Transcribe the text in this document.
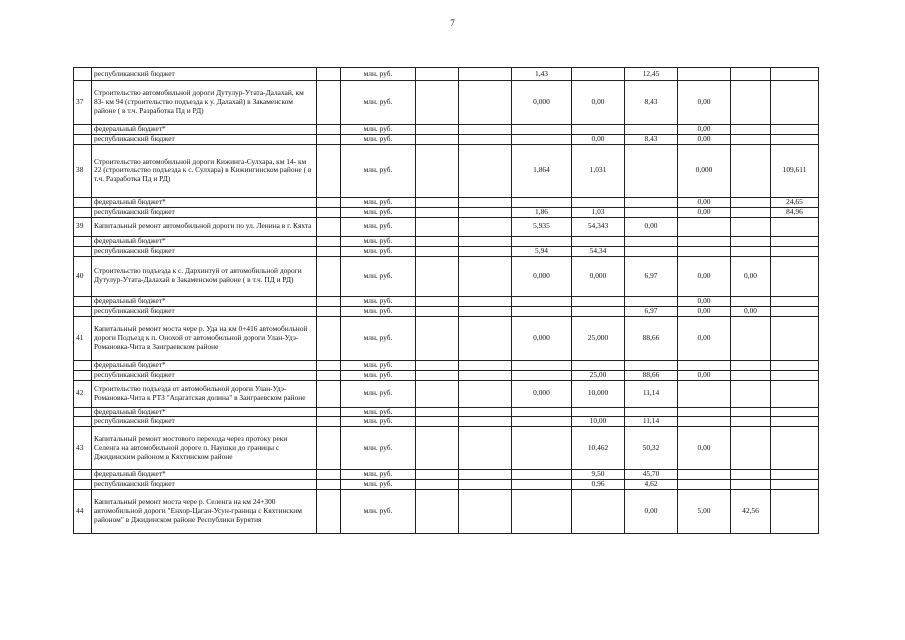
7
	республиканский бюджет		млн. руб.			1,43		12,45			
37	Строительство автомобильной дороги Дутулур-Утата-Далахай, км 83- км 94 (строительство подъезда к у. Далахай) в Закаменском районе ( в т.ч. Разработка Пд и РД)		млн. руб.			0,000	0,00	8,43	0,00		
	федеральный бюджет*		млн. руб.						0,00		
	республиканский бюджет		млн. руб.				0,00	8,43	0,00		
38	Строительство автомобильной дороги Кижинга-Сулхара, км 14- км 22 (строительство подъезда к с. Сулхара) в Кижингинском районе ( в т.ч. Разработка Пд и РД)		млн. руб.			1,864	1,031		0,000		109,611
	федеральный бюджет*		млн. руб.						0,00		24,65
	республиканский бюджет		млн. руб.			1,86	1,03		0,00		84,96
39	Капитальный ремонт автомобильной дороги по ул. Ленина в г. Кяхта		млн. руб.			5,935	54,343	0,00			
	федеральный бюджет*		млн. руб.								
	республиканский бюджет		млн. руб.			5,94	54,34				
40	Строительство подъезда к с. Дархинтуй от автомобильной дороги Дутулур-Утата-Далахай в Закаменском районе ( в т.ч. ПД и РД)		млн. руб.			0,000	0,000	6,97	0,00	0,00	
	федеральный бюджет*		млн. руб.						0,00		
	республиканский бюджет		млн. руб.					6,97	0,00	0,00	
41	Капитальный ремонт моста чере р. Уда на км 0+416 автомобильной дороги Подъезд к п. Онохой от автомобильной дороги Улан-Удэ-Романовка-Чита в Заиграевском районе		млн. руб.			0,000	25,000	88,66	0,00		
	федеральный бюджет*		млн. руб.								
	республиканский бюджет		млн. руб.				25,00	88,66	0,00		
42	Строительство подъезда от автомобильной дороги Улан-Удэ-Романовка-Чита к РТЗ "Ацагатская долина" в Заиграевском районе		млн. руб.			0,000	10,000	11,14			
	федеральный бюджет*		млн. руб.								
	республиканский бюджет		млн. руб.				10,00	11,14			
43	Капитальный ремонт мостового перехода через протоку реки Селенга на автомобильной дороге п. Наушки до границы с Джидинским районом в Кяхтинском районе		млн. руб.				10,462	50,32	0,00		
	федеральный бюджет*		млн. руб.				9,50	45,70			
	республиканский бюджет		млн. руб.				0,96	4,62			
44	Капитальный ремонт моста чере р. Селенга на км 24+300 автомобильной дороги "Енхор-Цаган-Усун-граница с Кяхтинским районом" в Джидинском районе Республики Бурятия		млн. руб.					0,00	5,00	42,56	
